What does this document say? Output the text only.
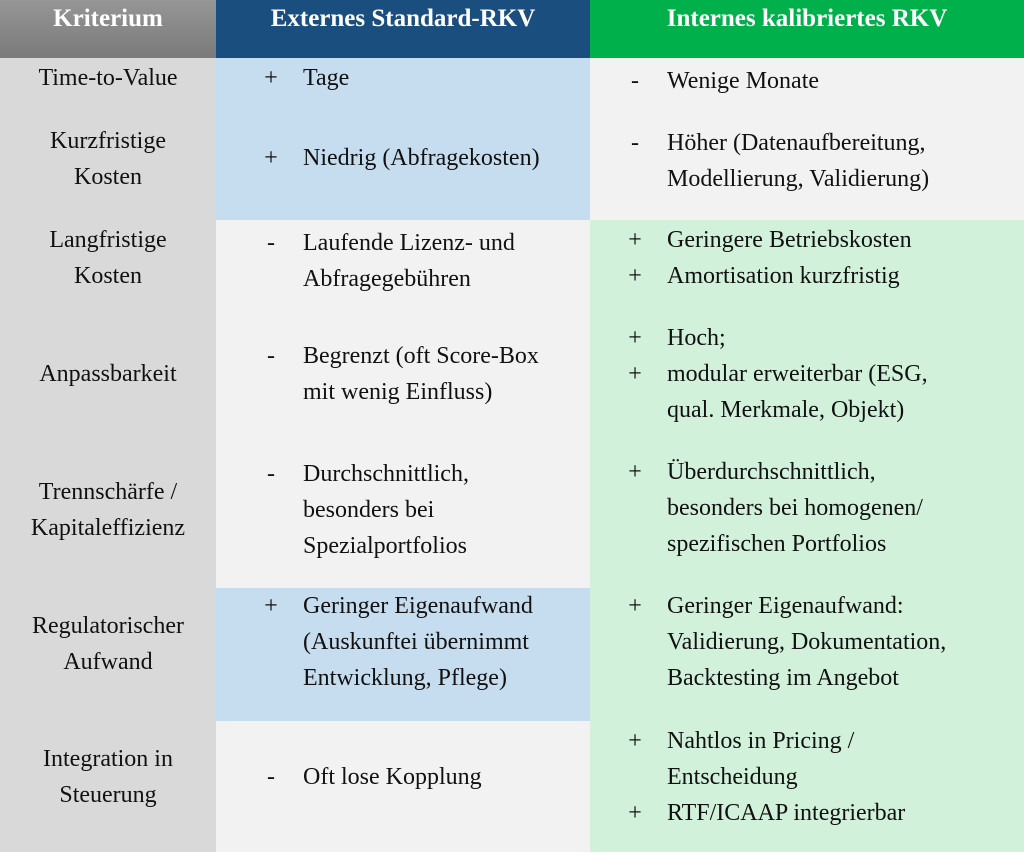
Kriterium	Externes Standard-RKV	Internes kalibriertes RKV
Time-to-Value
Kurzfristige
Kosten
+ Tage
+ Niedrig (Abfragekosten)
- Wenige Monate
- Höher (Datenaufbereitung,
Modellierung, Validierung)
Langfristige
Kosten
Anpassbarkeit
Trennschärfe /
Kapitaleffizienz
- Laufende Lizenz- und
Abfragegebühren
- Begrenzt (oft Score-Box
mit wenig Einfluss)
- Durchschnittlich,
besonders bei
Spezialportfolios
+ Geringere Betriebskosten
+ Amortisation kurzfristig
+ Hoch;
+ modular erweiterbar (ESG,
qual. Merkmale, Objekt)
+ Überdurchschnittlich,
besonders bei homogenen/
spezifischen Portfolios
Regulatorischer
Aufwand
+ Geringer Eigenaufwand
(Auskunftei übernimmt
Entwicklung, Pflege)
+ Geringer Eigenaufwand:
Validierung, Dokumentation,
Backtesting im Angebot
Integration in
Steuerung
- Oft lose Kopplung
+ Nahtlos in Pricing /
Entscheidung
+ RTF/ICAAP integrierbar
